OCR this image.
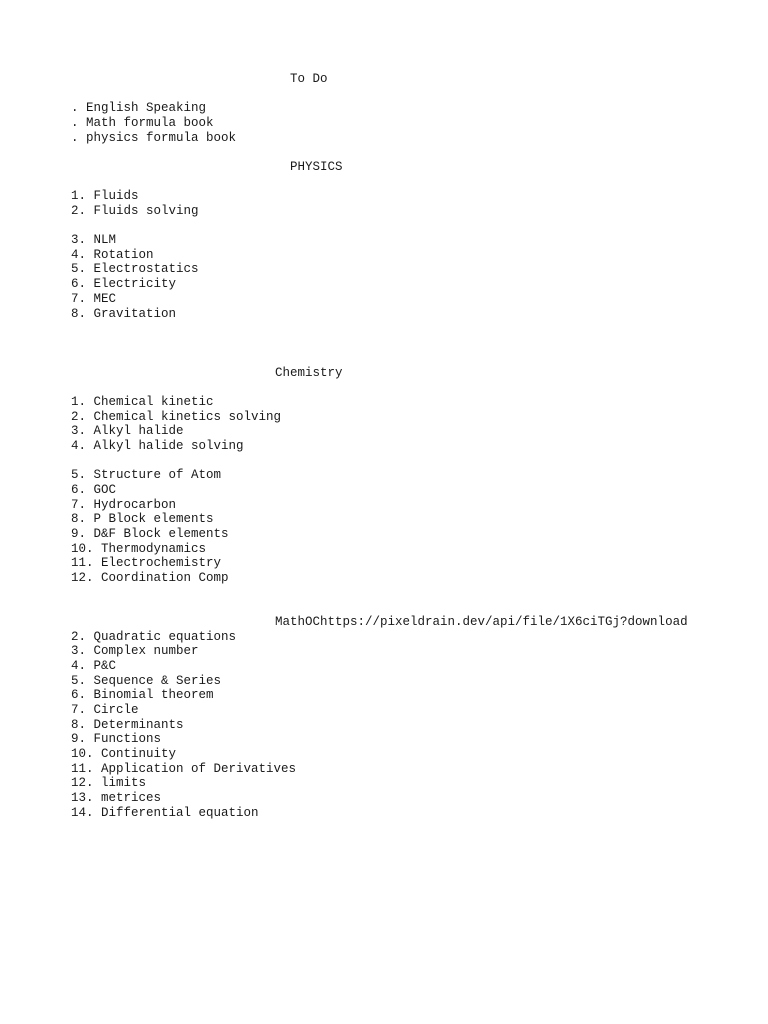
To Do
. English Speaking
. Math formula book
. physics formula book
PHYSICS
1. Fluids
2. Fluids solving
3. NLM
4. Rotation
5. Electrostatics
6. Electricity
7. MEC
8. Gravitation
Chemistry
1. Chemical kinetic
2. Chemical kinetics solving
3. Alkyl halide
4. Alkyl halide solving
5. Structure of Atom
6. GOC
7. Hydrocarbon
8. P Block elements
9. D&F Block elements
10. Thermodynamics
11. Electrochemistry
12. Coordination Comp
MathOChttps://pixeldrain.dev/api/file/1X6ciTGj?download
2. Quadratic equations
3. Complex number
4. P&C
5. Sequence & Series
6. Binomial theorem
7. Circle
8. Determinants
9. Functions
10. Continuity
11. Application of Derivatives
12. limits
13. metrices
14. Differential equation
